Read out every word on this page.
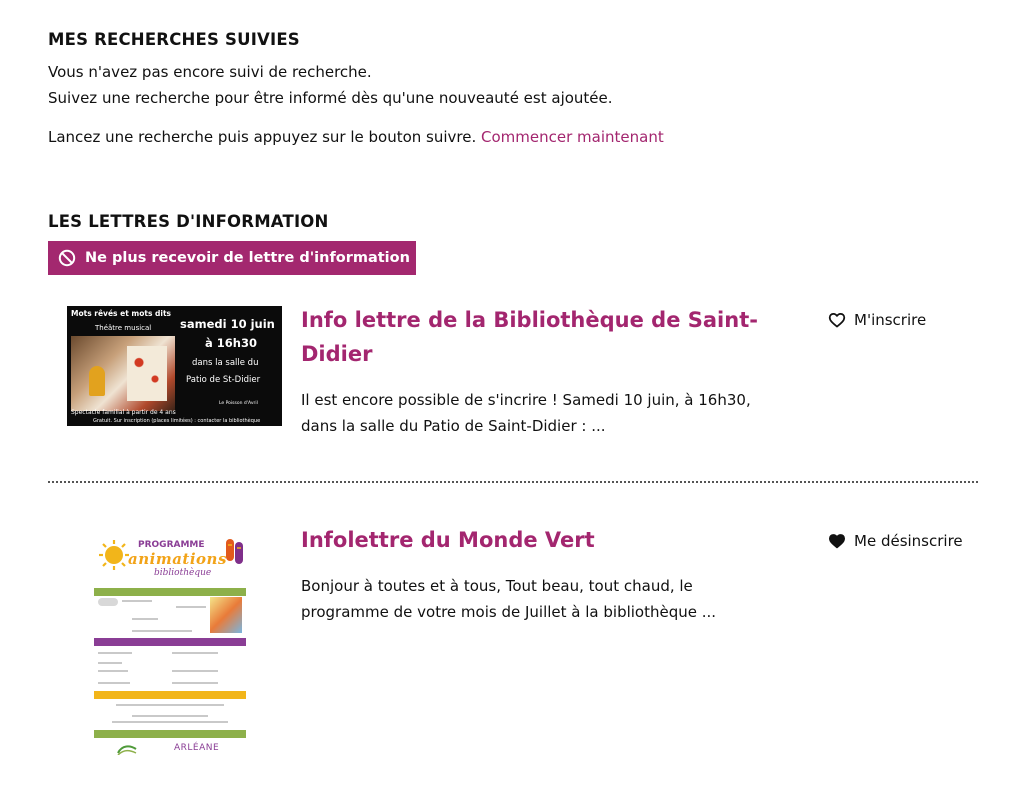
MES RECHERCHES SUIVIES

Vous n'avez pas encore suivi de recherche.

Suivez une recherche pour être informé dès qu'une nouveauté est ajoutée.

Lancez une recherche puis appuyez sur le bouton suivre. Commencer maintenant

LES LETTRES D'INFORMATION
Ne plus recevoir de lettre d'information
Mots rêvés et mots dits
Théâtre musical	samedi 10 juin
à 16h30
dans la salle du
Patio de St-Didier
Le Poisson d'Avril
Spectacle familial à partir de 4 ans
Gratuit. Sur inscription (places limitées) : contacter la bibliothèque
Info lettre de la Bibliothèque de Saint-Didier

Il est encore possible de s'incrire ! Samedi 10 juin, à 16h30, dans la salle du Patio de Saint-Didier : ...

M'inscrire
PROGRAMME
animations
bibliothèque
ARLÉANE
Infolettre du Monde Vert

Bonjour à toutes et à tous, Tout beau, tout chaud, le programme de votre mois de Juillet à la bibliothèque ...

Me désinscrire
